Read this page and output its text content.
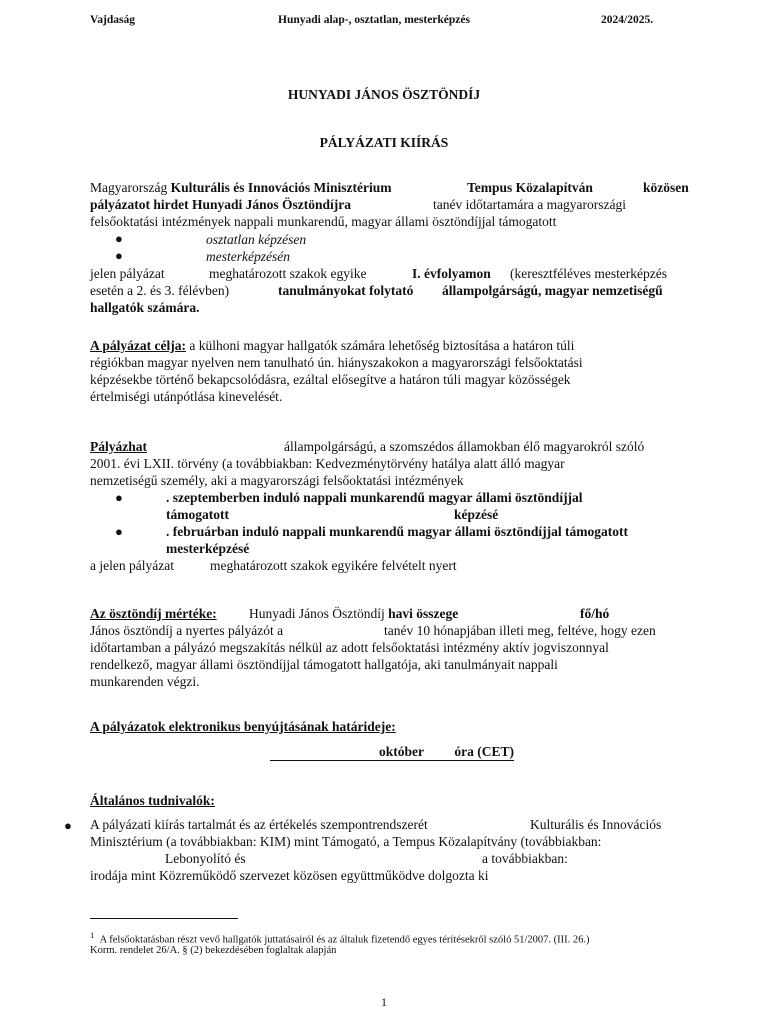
Vajdaság	Hunyadi alap-, osztatlan, mesterképzés	2024/2025.
HUNYADI JÁNOS ÖSZTÖNDÍJ
PÁLYÁZATI KIÍRÁS
Magyarország Kulturális és Innovációs Minisztérium	Tempus Közalapítván	közösen
pályázatot hirdet Hunyadi János Ösztöndíjra	tanév időtartamára a magyarországi
felsőoktatási intézmények nappali munkarendű, magyar állami ösztöndíjjal támogatott
●	osztatlan képzésen
●	mesterképzésén
jelen pályázat	meghatározott szakok egyike	I. évfolyamon (keresztféléves mesterképzés
esetén a 2. és 3. félévben)	tanulmányokat folytató állampolgárságú, magyar nemzetiségű
hallgatók számára.
A pályázat célja: a külhoni magyar hallgatók számára lehetőség biztosítása a határon túli
régiókban magyar nyelven nem tanulható ún. hiányszakokon a magyarországi felsőoktatási
képzésekbe történő bekapcsolódásra, ezáltal elősegítve a határon túli magyar közösségek
értelmiségi utánpótlása kinevelését.
Pályázhat	állampolgárságú, a szomszédos államokban élő magyarokról szóló
2001. évi LXII. törvény (a továbbiakban: Kedvezménytörvény hatálya alatt álló magyar
nemzetiségű személy, aki a magyarországi felsőoktatási intézmények
●	. szeptemberben induló nappali munkarendű magyar állami ösztöndíjjal
támogatott	képzésé
●	. februárban induló nappali munkarendű magyar állami ösztöndíjjal támogatott
mesterképzésé
a jelen pályázat	meghatározott szakok egyikére felvételt nyert
Az ösztöndíj mértéke: Hunyadi János Ösztöndíj havi összege	fő/hó
János ösztöndíj a nyertes pályázót a	tanév 10 hónapjában illeti meg, feltéve, hogy ezen
időtartamban a pályázó megszakítás nélkül az adott felsőoktatási intézmény aktív jogviszonnyal
rendelkező, magyar állami ösztöndíjjal támogatott hallgatója, aki tanulmányait nappali
munkarenden végzi.
A pályázatok elektronikus benyújtásának határideje:
október óra (CET)
Általános tudnivalók:
● A pályázati kiírás tartalmát és az értékelés szempontrendszerét	Kulturális és Innovációs
Minisztérium (a továbbiakban: KIM) mint Támogató, a Tempus Közalapítvány (továbbiakban:
Lebonyolító és	a továbbiakban:
irodája mint Közreműködő szervezet közösen együttműködve dolgozta ki
$^1$ A felsőoktatásban részt vevő hallgatók juttatásairól és az általuk fizetendő egyes térítésekről szóló 51/2007. (III. 26.)
Korm. rendelet 26/A. § (2) bekezdésében foglaltak alapján
1
